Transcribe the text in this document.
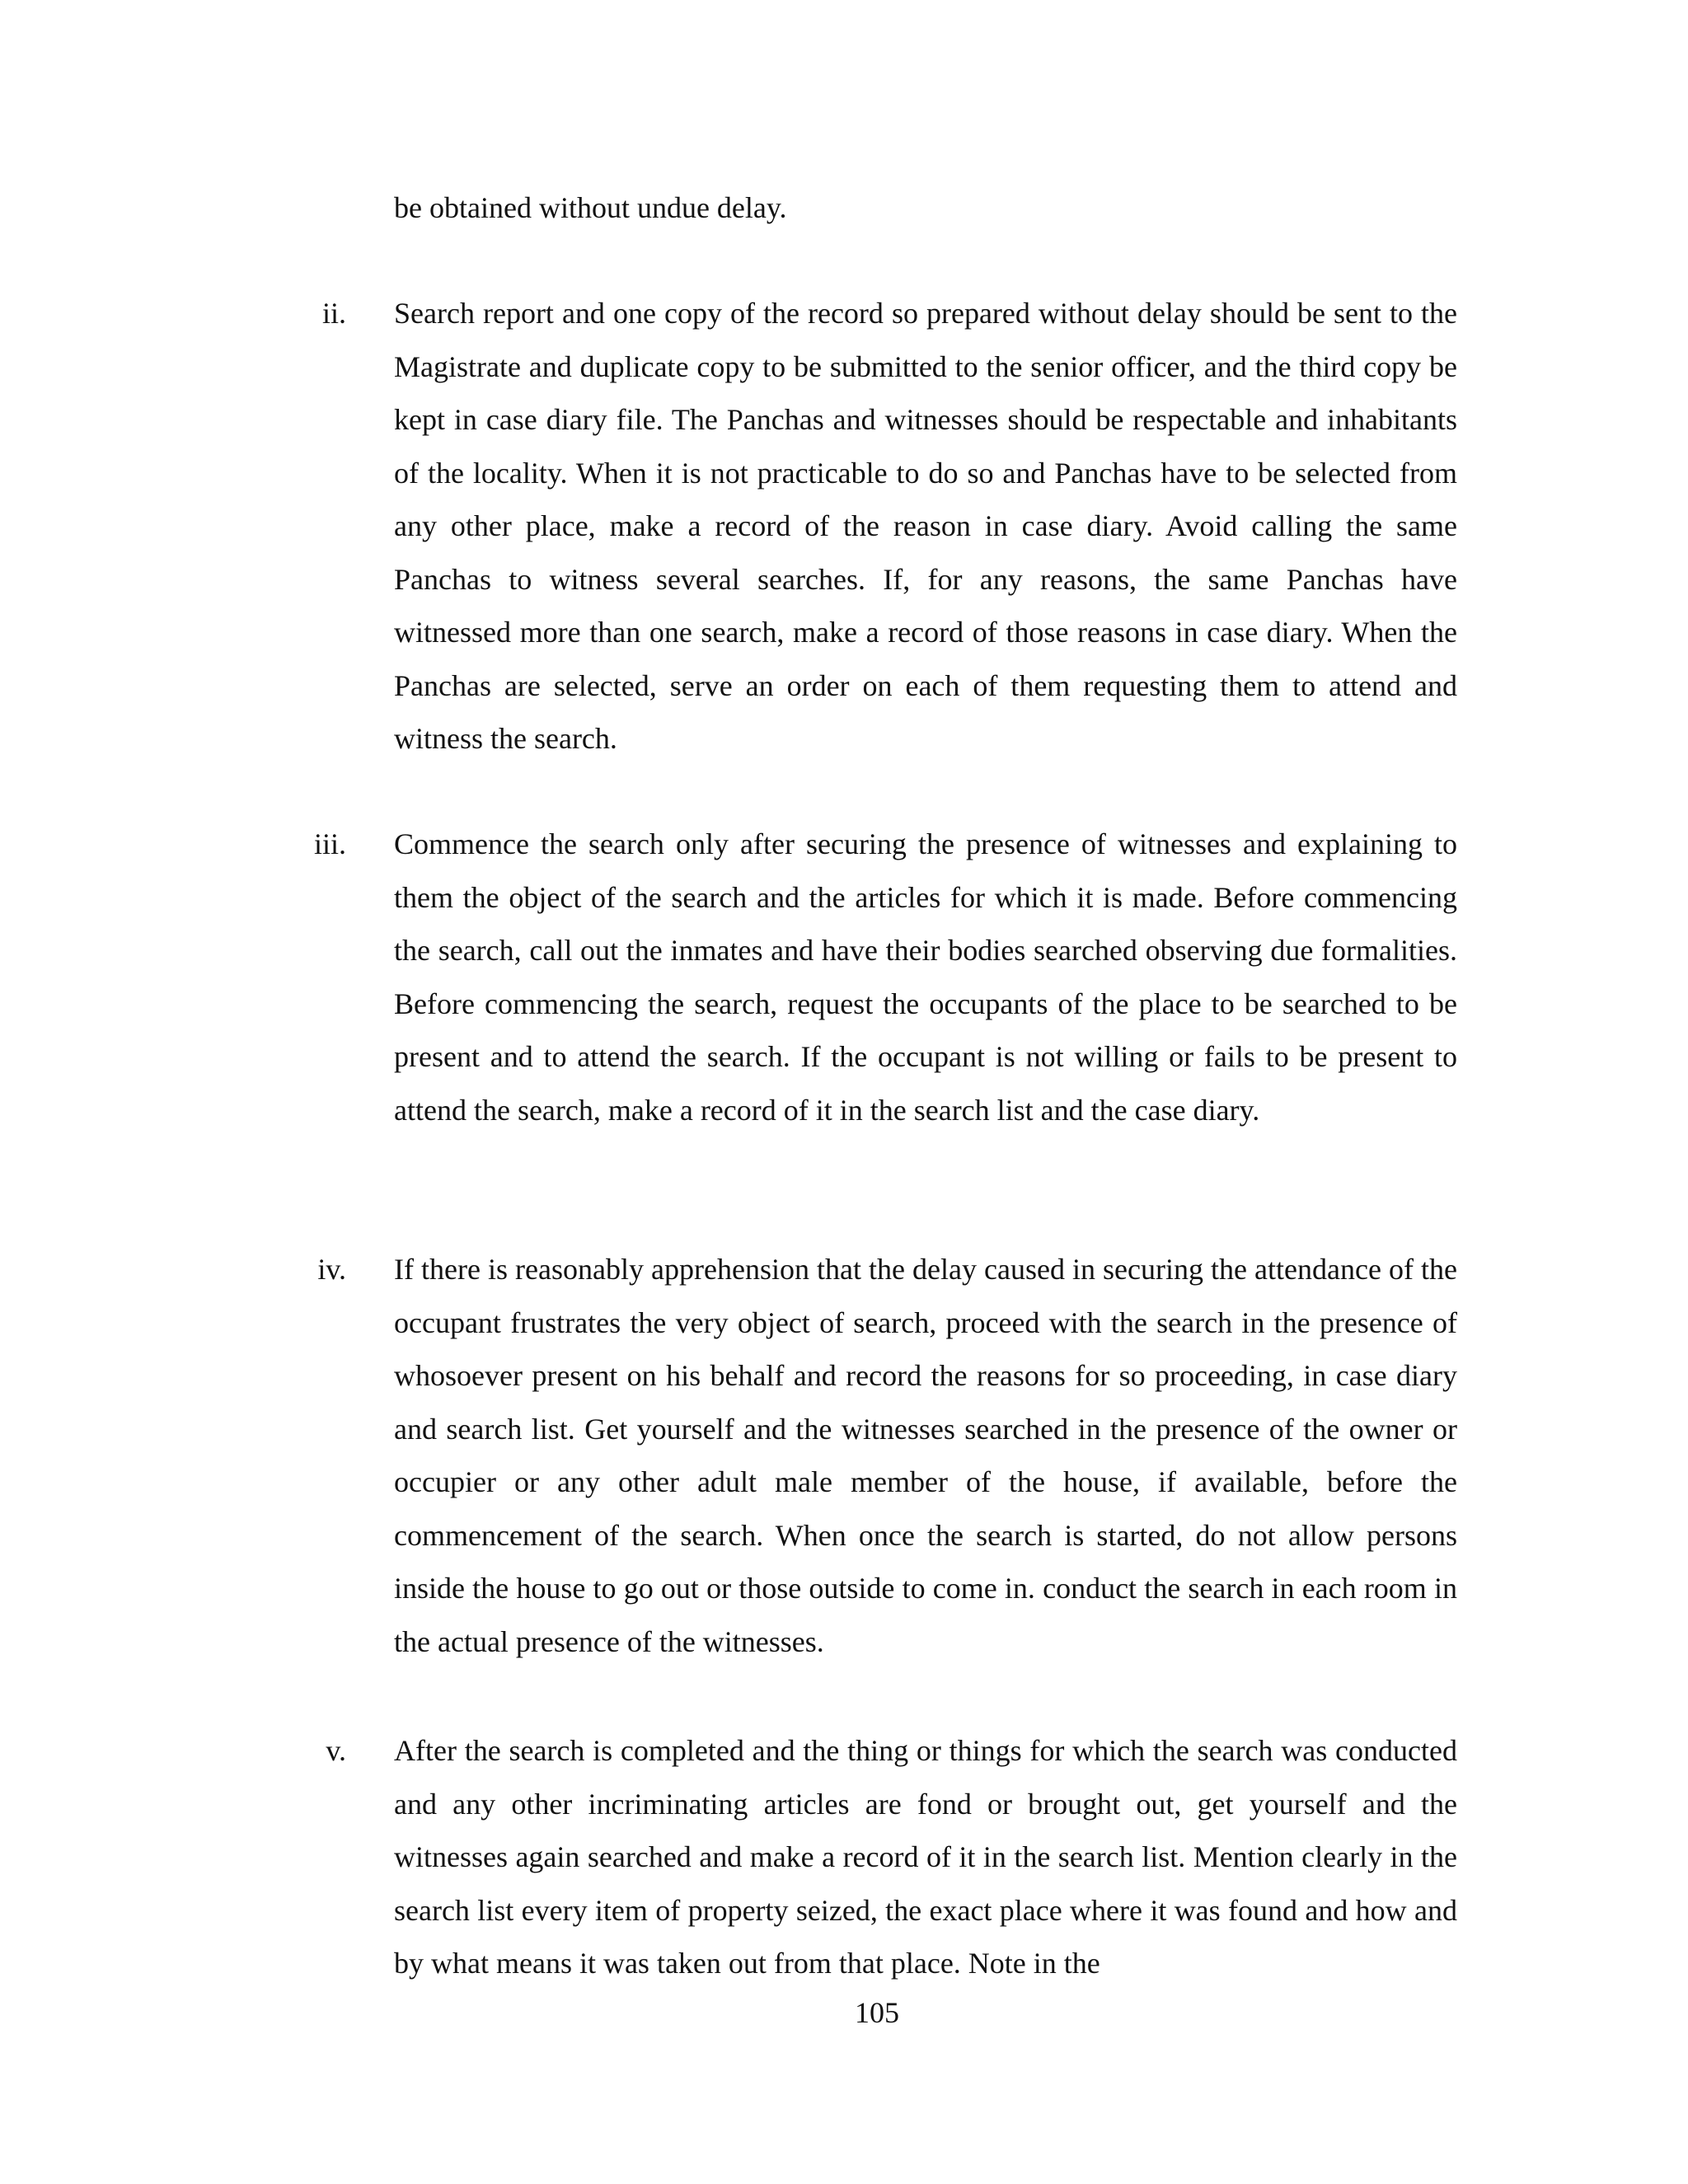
be obtained without undue delay.

ii. Search report and one copy of the record so prepared without delay should be sent to the Magistrate and duplicate copy to be submitted to the senior officer, and the third copy be kept in case diary file. The Panchas and witnesses should be respectable and inhabitants of the locality. When it is not practicable to do so and Panchas have to be selected from any other place, make a record of the reason in case diary. Avoid calling the same Panchas to witness several searches. If, for any reasons, the same Panchas have witnessed more than one search, make a record of those reasons in case diary. When the Panchas are selected, serve an order on each of them requesting them to attend and witness the search.

iii. Commence the search only after securing the presence of witnesses and explaining to them the object of the search and the articles for which it is made. Before commencing the search, call out the inmates and have their bodies searched observing due formalities. Before commencing the search, request the occupants of the place to be searched to be present and to attend the search. If the occupant is not willing or fails to be present to attend the search, make a record of it in the search list and the case diary.

iv. If there is reasonably apprehension that the delay caused in securing the attendance of the occupant frustrates the very object of search, proceed with the search in the presence of whosoever present on his behalf and record the reasons for so proceeding, in case diary and search list. Get yourself and the witnesses searched in the presence of the owner or occupier or any other adult male member of the house, if available, before the commencement of the search. When once the search is started, do not allow persons inside the house to go out or those outside to come in. conduct the search in each room in the actual presence of the witnesses.

v. After the search is completed and the thing or things for which the search was conducted and any other incriminating articles are fond or brought out, get yourself and the witnesses again searched and make a record of it in the search list. Mention clearly in the search list every item of property seized, the exact place where it was found and how and by what means it was taken out from that place. Note in the

105
